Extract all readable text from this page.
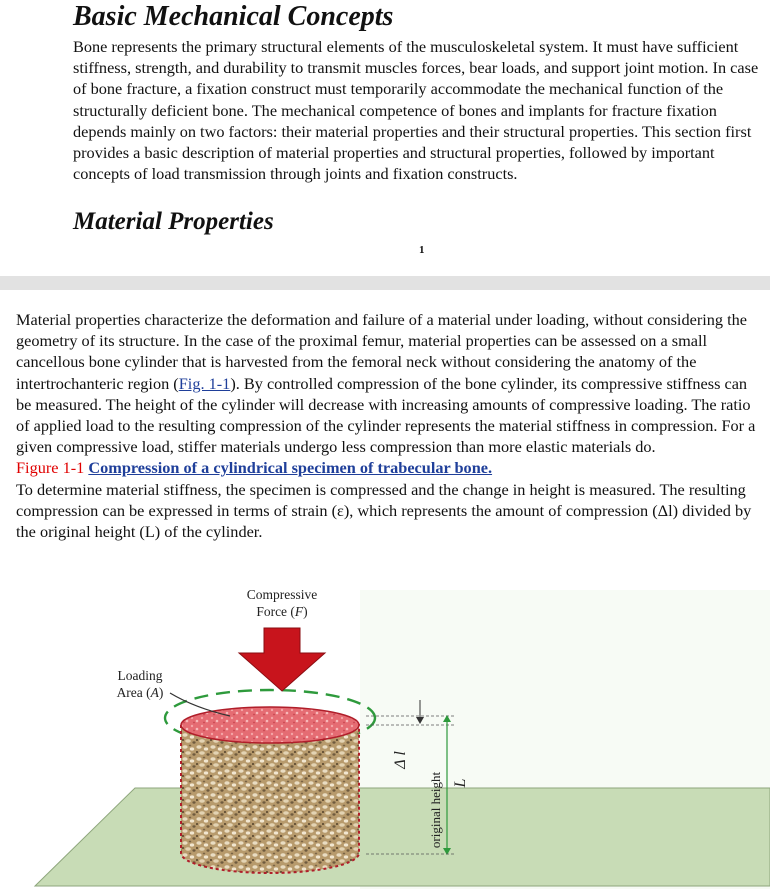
Basic Mechanical Concepts

Bone represents the primary structural elements of the musculoskeletal system. It must have sufficient stiffness, strength, and durability to transmit muscles forces, bear loads, and support joint motion. In case of bone fracture, a fixation construct must temporarily accommodate the mechanical function of the structurally deficient bone. The mechanical competence of bones and implants for fracture fixation depends mainly on two factors: their material properties and their structural properties. This section first provides a basic description of material properties and structural properties, followed by important concepts of load transmission through joints and fixation constructs.

Material Properties
1

Material properties characterize the deformation and failure of a material under loading, without considering the geometry of its structure. In the case of the proximal femur, material properties can be assessed on a small cancellous bone cylinder that is harvested from the femoral neck without considering the anatomy of the intertrochanteric region (Fig. 1-1). By controlled compression of the bone cylinder, its compressive stiffness can be measured. The height of the cylinder will decrease with increasing amounts of compressive loading. The ratio of applied load to the resulting compression of the cylinder represents the material stiffness in compression. For a given compressive load, stiffer materials undergo less compression than more elastic materials do.

Figure 1-1 Compression of a cylindrical specimen of trabecular bone.

To determine material stiffness, the specimen is compressed and the change in height is measured. The resulting compression can be expressed in terms of strain (ε), which represents the amount of compression (Δl) divided by the original height (L) of the cylinder.

Compressive
Force (F)
Loading
Area (A)
Δ l
original height L
